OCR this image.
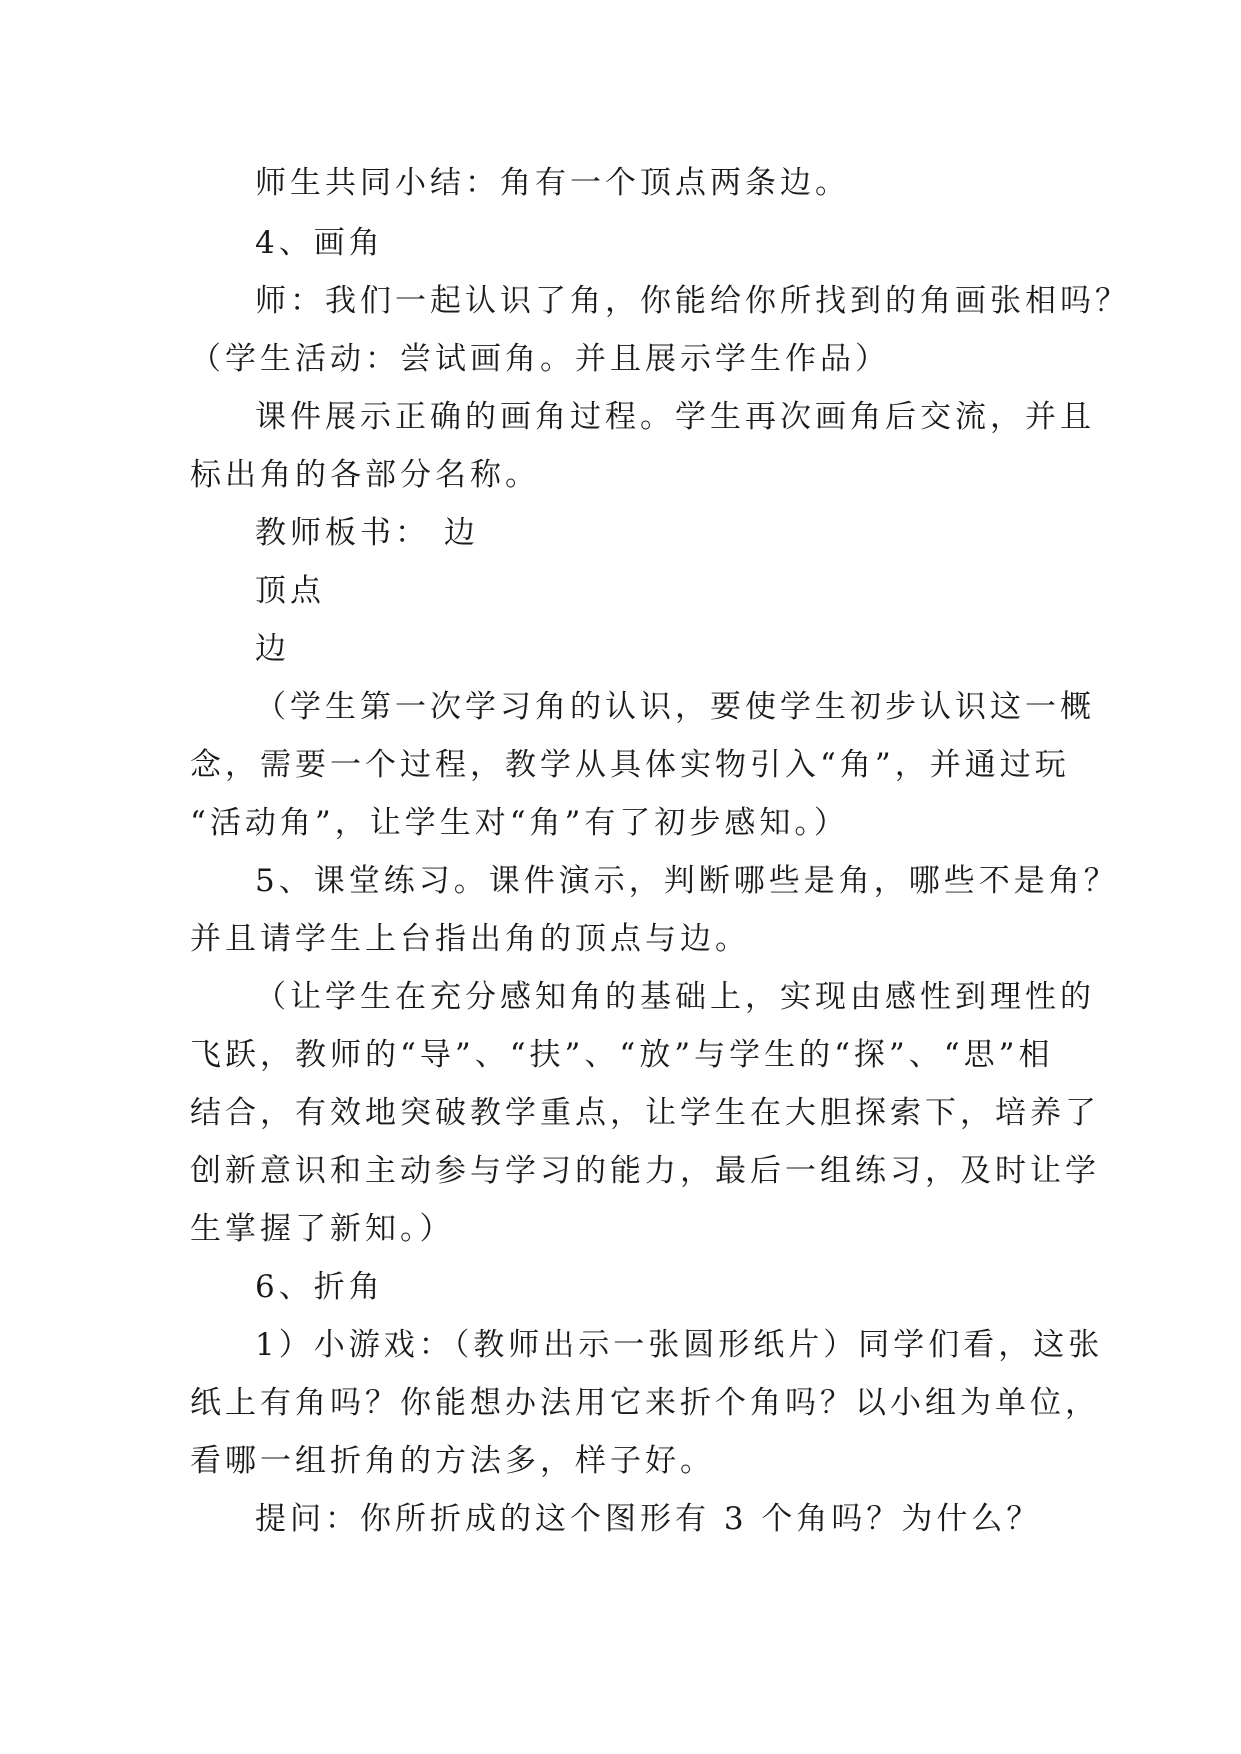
师生共同小结：角有一个顶点两条边。
4、画角
师：我们一起认识了角，你能给你所找到的角画张相吗？
（学生活动：尝试画角。并且展示学生作品）
课件展示正确的画角过程。学生再次画角后交流，并且
标出角的各部分名称。
教师板书： 边
顶点
边
（学生第一次学习角的认识，要使学生初步认识这一概
念，需要一个过程，教学从具体实物引入“角”，并通过玩
“活动角”，让学生对“角”有了初步感知。）
5、课堂练习。课件演示，判断哪些是角，哪些不是角？
并且请学生上台指出角的顶点与边。
（让学生在充分感知角的基础上，实现由感性到理性的
飞跃，教师的“导”、“扶”、“放”与学生的“探”、“思”相
结合，有效地突破教学重点，让学生在大胆探索下，培养了
创新意识和主动参与学习的能力，最后一组练习，及时让学
生掌握了新知。）
6、折角
1）小游戏：（教师出示一张圆形纸片）同学们看，这张
纸上有角吗？你能想办法用它来折个角吗？以小组为单位，
看哪一组折角的方法多，样子好。
提问：你所折成的这个图形有 3 个角吗？为什么？
